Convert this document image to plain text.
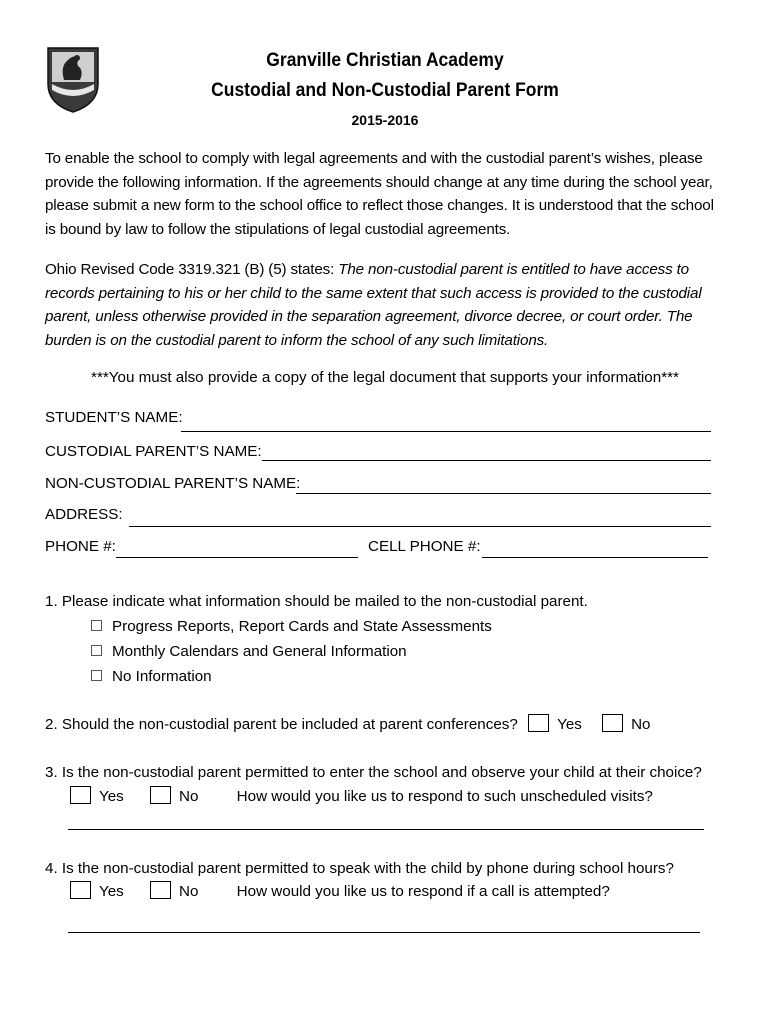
Granville Christian Academy
Custodial and Non-Custodial Parent Form
2015-2016
To enable the school to comply with legal agreements and with the custodial parent’s wishes, please provide the following information. If the agreements should change at any time during the school year, please submit a new form to the school office to reflect those changes. It is understood that the school is bound by law to follow the stipulations of legal custodial agreements.
Ohio Revised Code 3319.321 (B) (5) states: The non-custodial parent is entitled to have access to records pertaining to his or her child to the same extent that such access is provided to the custodial parent, unless otherwise provided in the separation agreement, divorce decree, or court order. The burden is on the custodial parent to inform the school of any such limitations.
***You must also provide a copy of the legal document that supports your information***
STUDENT’S NAME:
CUSTODIAL PARENT’S NAME:
NON-CUSTODIAL PARENT’S NAME:
ADDRESS:
PHONE #:	CELL PHONE #:
1. Please indicate what information should be mailed to the non-custodial parent.
Progress Reports, Report Cards and State Assessments
Monthly Calendars and General Information
No Information
2. Should the non-custodial parent be included at parent conferences?	Yes	No
3. Is the non-custodial parent permitted to enter the school and observe your child at their choice?
Yes	No	How would you like us to respond to such unscheduled visits?
4. Is the non-custodial parent permitted to speak with the child by phone during school hours?
Yes	No	How would you like us to respond if a call is attempted?
